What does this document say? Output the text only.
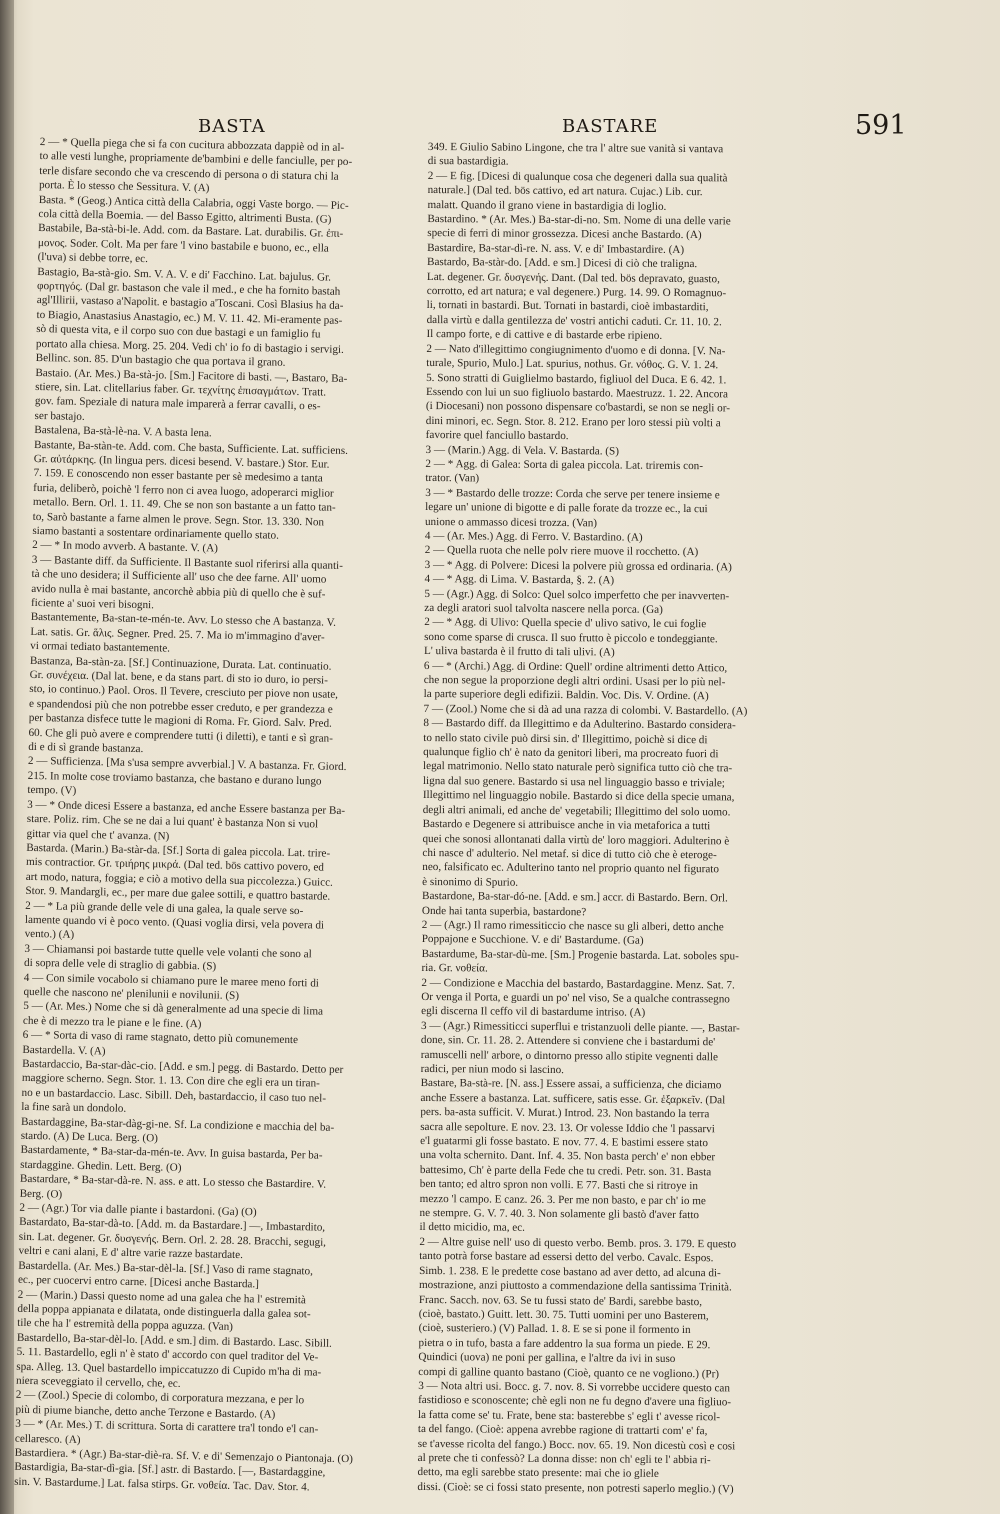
BASTA	BASTARE	591

2 — * Quella piega che si fa con cucitura abbozzata dappiè od in al-

to alle vesti lunghe, propriamente de'bambini e delle fanciulle, per po-

terle disfare secondo che va crescendo di persona o di statura chi la

porta. È lo stesso che Sessitura. V. (A)

Basta. * (Geog.) Antica città della Calabria, oggi Vaste borgo. — Pic-

cola città della Boemia. — del Basso Egitto, altrimenti Busta. (G)

Bastabile, Ba-stà-bi-le. Add. com. da Bastare. Lat. durabilis. Gr. ἐπι-

μονος. Soder. Colt. Ma per fare 'l vino bastabile e buono, ec., ella

(l'uva) si debbe torre, ec.

Bastagio, Ba-stà-gio. Sm. V. A. V. e di' Facchino. Lat. bajulus. Gr.

φορτηγός. (Dal gr. bastason che vale il med., e che ha fornito bastah

agl'Illirii, vastaso a'Napolit. e bastagio a'Toscani. Così Blasius ha da-

to Biagio, Anastasius Anastagio, ec.) M. V. 11. 42. Mi-eramente pas-

sò di questa vita, e il corpo suo con due bastagi e un famiglio fu

portato alla chiesa. Morg. 25. 204. Vedi ch' io fo di bastagio i servigi.

Bellinc. son. 85. D'un bastagio che qua portava il grano.

Bastaio. (Ar. Mes.) Ba-stà-jo. [Sm.] Facitore di basti. —, Bastaro, Ba-

stiere, sin. Lat. clitellarius faber. Gr. τεχνίτης ἐπισαγμάτων. Tratt.

gov. fam. Speziale di natura male imparerà a ferrar cavalli, o es-

ser bastajo.

Bastalena, Ba-stà-lè-na. V. A basta lena.

Bastante, Ba-stàn-te. Add. com. Che basta, Sufficiente. Lat. sufficiens.

Gr. αὐτάρκης. (In lingua pers. dicesi besend. V. bastare.) Stor. Eur.

7. 159. E conoscendo non esser bastante per sè medesimo a tanta

furia, deliberò, poichè 'l ferro non ci avea luogo, adoperarci miglior

metallo. Bern. Orl. 1. 11. 49. Che se non son bastante a un fatto tan-

to, Sarò bastante a farne almen le prove. Segn. Stor. 13. 330. Non

siamo bastanti a sostentare ordinariamente quello stato.

2 — * In modo avverb. A bastante. V. (A)

3 — Bastante diff. da Sufficiente. Il Bastante suol riferirsi alla quanti-

tà che uno desidera; il Sufficiente all' uso che dee farne. All' uomo

avido nulla è mai bastante, ancorchè abbia più di quello che è suf-

ficiente a' suoi veri bisogni.

Bastantemente, Ba-stan-te-mén-te. Avv. Lo stesso che A bastanza. V.

Lat. satis. Gr. ἅλις. Segner. Pred. 25. 7. Ma io m'immagino d'aver-

vi ormai tediato bastantemente.

Bastanza, Ba-stàn-za. [Sf.] Continuazione, Durata. Lat. continuatio.

Gr. συνέχεια. (Dal lat. bene, e da stans part. di sto io duro, io persi-

sto, io continuo.) Paol. Oros. Il Tevere, cresciuto per piove non usate,

e spandendosi più che non potrebbe esser creduto, e per grandezza e

per bastanza disfece tutte le magioni di Roma. Fr. Giord. Salv. Pred.

60. Che gli può avere e comprendere tutti (i diletti), e tanti e sì gran-

di e di sì grande bastanza.

2 — Sufficienza. [Ma s'usa sempre avverbial.] V. A bastanza. Fr. Giord.

215. In molte cose troviamo bastanza, che bastano e durano lungo

tempo. (V)

3 — * Onde dicesi Essere a bastanza, ed anche Essere bastanza per Ba-

stare. Poliz. rim. Che se ne dai a lui quant' è bastanza Non si vuol

gittar via quel che t' avanza. (N)

Bastarda. (Marin.) Ba-stàr-da. [Sf.] Sorta di galea piccola. Lat. trire-

mis contractior. Gr. τριήρης μικρά. (Dal ted. bös cattivo povero, ed

art modo, natura, foggia; e ciò a motivo della sua piccolezza.) Guicc.

Stor. 9. Mandargli, ec., per mare due galee sottili, e quattro bastarde.

2 — * La più grande delle vele di una galea, la quale serve so-

lamente quando vi è poco vento. (Quasi voglia dirsi, vela povera di

vento.) (A)

3 — Chiamansi poi bastarde tutte quelle vele volanti che sono al

di sopra delle vele di straglio di gabbia. (S)

4 — Con simile vocabolo si chiamano pure le maree meno forti di

quelle che nascono ne' plenilunii e novilunii. (S)

5 — (Ar. Mes.) Nome che si dà generalmente ad una specie di lima

che è di mezzo tra le piane e le fine. (A)

6 — * Sorta di vaso di rame stagnato, detto più comunemente

Bastardella. V. (A)

Bastardaccio, Ba-star-dàc-cio. [Add. e sm.] pegg. di Bastardo. Detto per

maggiore scherno. Segn. Stor. 1. 13. Con dire che egli era un tiran-

no e un bastardaccio. Lasc. Sibill. Deh, bastardaccio, il caso tuo nel-

la fine sarà un dondolo.

Bastardaggine, Ba-star-dàg-gi-ne. Sf. La condizione e macchia del ba-

stardo. (A) De Luca. Berg. (O)

Bastardamente, * Ba-star-da-mén-te. Avv. In guisa bastarda, Per ba-

stardaggine. Ghedin. Lett. Berg. (O)

Bastardare, * Ba-star-dà-re. N. ass. e att. Lo stesso che Bastardire. V.

Berg. (O)

2 — (Agr.) Tor via dalle piante i bastardoni. (Ga) (O)

Bastardato, Ba-star-dà-to. [Add. m. da Bastardare.] —, Imbastardito,

sin. Lat. degener. Gr. δυσγενής. Bern. Orl. 2. 28. 28. Bracchi, segugi,

veltri e cani alani, E d' altre varie razze bastardate.

Bastardella. (Ar. Mes.) Ba-star-dèl-la. [Sf.] Vaso di rame stagnato,

ec., per cuocervi entro carne. [Dicesi anche Bastarda.]

2 — (Marin.) Dassi questo nome ad una galea che ha l' estremità

della poppa appianata e dilatata, onde distinguerla dalla galea sot-

tile che ha l' estremità della poppa aguzza. (Van)

Bastardello, Ba-star-dèl-lo. [Add. e sm.] dim. di Bastardo. Lasc. Sibill.

5. 11. Bastardello, egli n' è stato d' accordo con quel traditor del Ve-

spa. Alleg. 13. Quel bastardello impiccatuzzo di Cupido m'ha di ma-

niera sceveggiato il cervello, che, ec.

2 — (Zool.) Specie di colombo, di corporatura mezzana, e per lo

più di piume bianche, detto anche Terzone e Bastardo. (A)

3 — * (Ar. Mes.) T. di scrittura. Sorta di carattere tra'l tondo e'l can-

cellaresco. (A)

Bastardiera. * (Agr.) Ba-star-diè-ra. Sf. V. e di' Semenzajo o Piantonaja. (O)

Bastardigia, Ba-star-dì-gia. [Sf.] astr. di Bastardo. [—, Bastardaggine,

sin. V. Bastardume.] Lat. falsa stirps. Gr. νοθεία. Tac. Dav. Stor. 4.

349. E Giulio Sabino Lingone, che tra l' altre sue vanità si vantava

di sua bastardigia.

2 — E fig. [Dicesi di qualunque cosa che degeneri dalla sua qualità

naturale.] (Dal ted. bös cattivo, ed art natura. Cujac.) Lib. cur.

malatt. Quando il grano viene in bastardigia di loglio.

Bastardino. * (Ar. Mes.) Ba-star-di-no. Sm. Nome di una delle varie

specie di ferri di minor grossezza. Dicesi anche Bastardo. (A)

Bastardire, Ba-star-dì-re. N. ass. V. e di' Imbastardire. (A)

Bastardo, Ba-stàr-do. [Add. e sm.] Dicesi di ciò che traligna.

Lat. degener. Gr. δυσγενής. Dant. (Dal ted. bös depravato, guasto,

corrotto, ed art natura; e val degenere.) Purg. 14. 99. O Romagnuo-

li, tornati in bastardi. But. Tornati in bastardi, cioè imbastarditi,

dalla virtù e dalla gentilezza de' vostri antichi caduti. Cr. 11. 10. 2.

Il campo forte, e di cattive e di bastarde erbe ripieno.

2 — Nato d'illegittimo congiugnimento d'uomo e di donna. [V. Na-

turale, Spurio, Mulo.] Lat. spurius, nothus. Gr. νόθος. G. V. 1. 24.

5. Sono stratti di Guiglielmo bastardo, figliuol del Duca. E 6. 42. 1.

Essendo con lui un suo figliuolo bastardo. Maestruzz. 1. 22. Ancora

(i Diocesani) non possono dispensare co'bastardi, se non se negli or-

dini minori, ec. Segn. Stor. 8. 212. Erano per loro stessi più volti a

favorire quel fanciullo bastardo.

3 — (Marin.) Agg. di Vela. V. Bastarda. (S)

2 — * Agg. di Galea: Sorta di galea piccola. Lat. triremis con-

trator. (Van)

3 — * Bastardo delle trozze: Corda che serve per tenere insieme e

legare un' unione di bigotte e di palle forate da trozze ec., la cui

unione o ammasso dicesi trozza. (Van)

4 — (Ar. Mes.) Agg. di Ferro. V. Bastardino. (A)

2 — Quella ruota che nelle polv riere muove il rocchetto. (A)

3 — * Agg. di Polvere: Dicesi la polvere più grossa ed ordinaria. (A)

4 — * Agg. di Lima. V. Bastarda, §. 2. (A)

5 — (Agr.) Agg. di Solco: Quel solco imperfetto che per inavverten-

za degli aratori suol talvolta nascere nella porca. (Ga)

2 — * Agg. di Ulivo: Quella specie d' ulivo sativo, le cui foglie

sono come sparse di crusca. Il suo frutto è piccolo e tondeggiante.

L' uliva bastarda è il frutto di tali ulivi. (A)

6 — * (Archi.) Agg. di Ordine: Quell' ordine altrimenti detto Attico,

che non segue la proporzione degli altri ordini. Usasi per lo più nel-

la parte superiore degli edifizii. Baldin. Voc. Dis. V. Ordine. (A)

7 — (Zool.) Nome che si dà ad una razza di colombi. V. Bastardello. (A)

8 — Bastardo diff. da Illegittimo e da Adulterino. Bastardo considera-

to nello stato civile può dirsi sin. d' Illegittimo, poichè si dice di

qualunque figlio ch' è nato da genitori liberi, ma procreato fuori di

legal matrimonio. Nello stato naturale però significa tutto ciò che tra-

ligna dal suo genere. Bastardo si usa nel linguaggio basso e triviale;

Illegittimo nel linguaggio nobile. Bastardo si dice della specie umana,

degli altri animali, ed anche de' vegetabili; Illegittimo del solo uomo.

Bastardo e Degenere si attribuisce anche in via metaforica a tutti

quei che sonosi allontanati dalla virtù de' loro maggiori. Adulterino è

chi nasce d' adulterio. Nel metaf. si dice di tutto ciò che è eteroge-

neo, falsificato ec. Adulterino tanto nel proprio quanto nel figurato

è sinonimo di Spurio.

Bastardone, Ba-star-dó-ne. [Add. e sm.] accr. di Bastardo. Bern. Orl.

Onde hai tanta superbia, bastardone?

2 — (Agr.) Il ramo rimessiticcio che nasce su gli alberi, detto anche

Poppajone e Succhione. V. e di' Bastardume. (Ga)

Bastardume, Ba-star-dù-me. [Sm.] Progenie bastarda. Lat. soboles spu-

ria. Gr. νοθεία.

2 — Condizione e Macchia del bastardo, Bastardaggine. Menz. Sat. 7.

Or venga il Porta, e guardi un po' nel viso, Se a qualche contrassegno

egli discerna Il ceffo vil di bastardume intriso. (A)

3 — (Agr.) Rimessiticci superflui e tristanzuoli delle piante. —, Bastar-

done, sin. Cr. 11. 28. 2. Attendere si conviene che i bastardumi de'

ramuscelli nell' arbore, o dintorno presso allo stipite vegnenti dalle

radici, per niun modo si lascino.

Bastare, Ba-stà-re. [N. ass.] Essere assai, a sufficienza, che diciamo

anche Essere a bastanza. Lat. sufficere, satis esse. Gr. ἐξαρκεῖν. (Dal

pers. ba-asta sufficit. V. Murat.) Introd. 23. Non bastando la terra

sacra alle sepolture. E nov. 23. 13. Or volesse Iddio che 'l passarvi

e'l guatarmi gli fosse bastato. E nov. 77. 4. E bastimi essere stato

una volta schernito. Dant. Inf. 4. 35. Non basta perch' e' non ebber

battesimo, Ch' è parte della Fede che tu credi. Petr. son. 31. Basta

ben tanto; ed altro spron non volli. E 77. Basti che si ritroye in

mezzo 'l campo. E canz. 26. 3. Per me non basto, e par ch' io me

ne stempre. G. V. 7. 40. 3. Non solamente gli bastò d'aver fatto

il detto micidio, ma, ec.

2 — Altre guise nell' uso di questo verbo. Bemb. pros. 3. 179. E questo

tanto potrà forse bastare ad essersi detto del verbo. Cavalc. Espos.

Simb. 1. 238. E le predette cose bastano ad aver detto, ad alcuna di-

mostrazione, anzi piuttosto a commendazione della santissima Trinità.

Franc. Sacch. nov. 63. Se tu fussi stato de' Bardi, sarebbe basto,

(cioè, bastato.) Guitt. lett. 30. 75. Tutti uomini per uno Basterem,

(cioè, susteriero.) (V) Pallad. 1. 8. E se si pone il formento in

pietra o in tufo, basta a fare addentro la sua forma un piede. E 29.

Quindici (uova) ne poni per gallina, e l'altre da ivi in suso

compi di galline quanto bastano (Cioè, quanto ce ne vogliono.) (Pr)

3 — Nota altri usi. Bocc. g. 7. nov. 8. Si vorrebbe uccidere questo can

fastidioso e sconoscente; chè egli non ne fu degno d'avere una figliuo-

la fatta come se' tu. Frate, bene sta: basterebbe s' egli t' avesse ricol-

ta del fango. (Cioè: appena avrebbe ragione di trattarti com' e' fa,

se t'avesse ricolta del fango.) Bocc. nov. 65. 19. Non dicestù così e cosi

al prete che ti confessò? La donna disse: non ch' egli te l' abbia ri-

detto, ma egli sarebbe stato presente: mai che io gliele

dissi. (Cioè: se ci fossi stato presente, non potresti saperlo meglio.) (V)
